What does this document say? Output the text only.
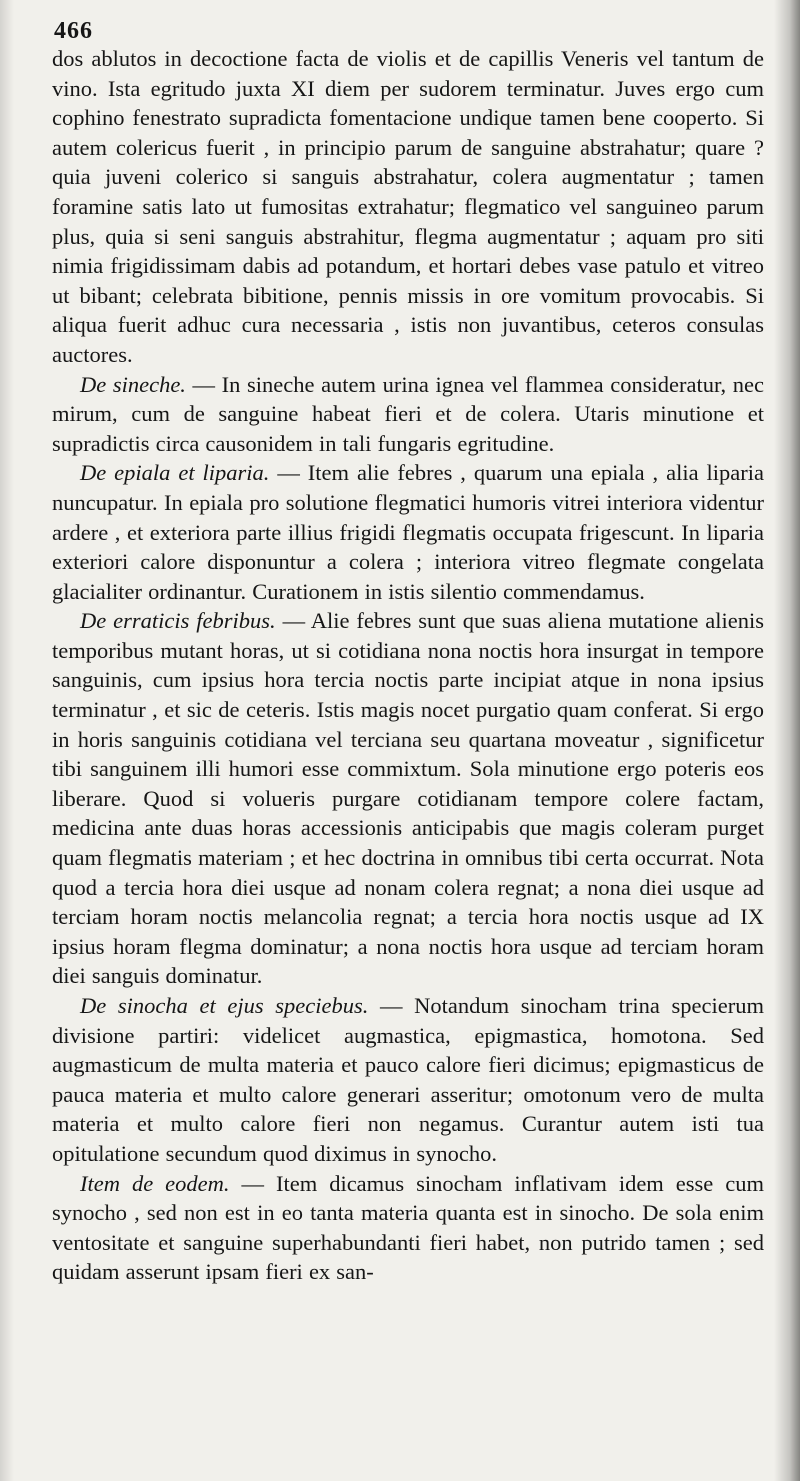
466

dos ablutos in decoctione facta de violis et de capillis Veneris vel tantum de vino. Ista egritudo juxta XI diem per sudorem terminatur. Juves ergo cum cophino fenestrato supradicta fomentacione undique tamen bene cooperto. Si autem colericus fuerit , in principio parum de sanguine abstrahatur; quare ? quia juveni colerico si sanguis abstrahatur, colera augmentatur ; tamen foramine satis lato ut fumositas extrahatur; flegmatico vel sanguineo parum plus, quia si seni sanguis abstrahitur, flegma augmentatur ; aquam pro siti nimia frigidissimam dabis ad potandum, et hortari debes vase patulo et vitreo ut bibant; celebrata bibitione, pennis missis in ore vomitum provocabis. Si aliqua fuerit adhuc cura necessaria , istis non juvantibus, ceteros consulas auctores.

De sineche. — In sineche autem urina ignea vel flammea consideratur, nec mirum, cum de sanguine habeat fieri et de colera. Utaris minutione et supradictis circa causonidem in tali fungaris egritudine.

De epiala et liparia. — Item alie febres , quarum una epiala , alia liparia nuncupatur. In epiala pro solutione flegmatici humoris vitrei interiora videntur ardere , et exteriora parte illius frigidi flegmatis occupata frigescunt. In liparia exteriori calore disponuntur a colera ; interiora vitreo flegmate congelata glacialiter ordinantur. Curationem in istis silentio commendamus.

De erraticis febribus. — Alie febres sunt que suas aliena mutatione alienis temporibus mutant horas, ut si cotidiana nona noctis hora insurgat in tempore sanguinis, cum ipsius hora tercia noctis parte incipiat atque in nona ipsius terminatur , et sic de ceteris. Istis magis nocet purgatio quam conferat. Si ergo in horis sanguinis cotidiana vel terciana seu quartana moveatur , significetur tibi sanguinem illi humori esse commixtum. Sola minutione ergo poteris eos liberare. Quod si volueris purgare cotidianam tempore colere factam, medicina ante duas horas accessionis anticipabis que magis coleram purget quam flegmatis materiam ; et hec doctrina in omnibus tibi certa occurrat. Nota quod a tercia hora diei usque ad nonam colera regnat; a nona diei usque ad terciam horam noctis melancolia regnat; a tercia hora noctis usque ad IX ipsius horam flegma dominatur; a nona noctis hora usque ad terciam horam diei sanguis dominatur.

De sinocha et ejus speciebus. — Notandum sinocham trina specierum divisione partiri: videlicet augmastica, epigmastica, homotona. Sed augmasticum de multa materia et pauco calore fieri dicimus; epigmasticus de pauca materia et multo calore generari asseritur; omotonum vero de multa materia et multo calore fieri non negamus. Curantur autem isti tua opitulatione secundum quod diximus in synocho.

Item de eodem. — Item dicamus sinocham inflativam idem esse cum synocho , sed non est in eo tanta materia quanta est in sinocho. De sola enim ventositate et sanguine superhabundanti fieri habet, non putrido tamen ; sed quidam asserunt ipsam fieri ex san-
